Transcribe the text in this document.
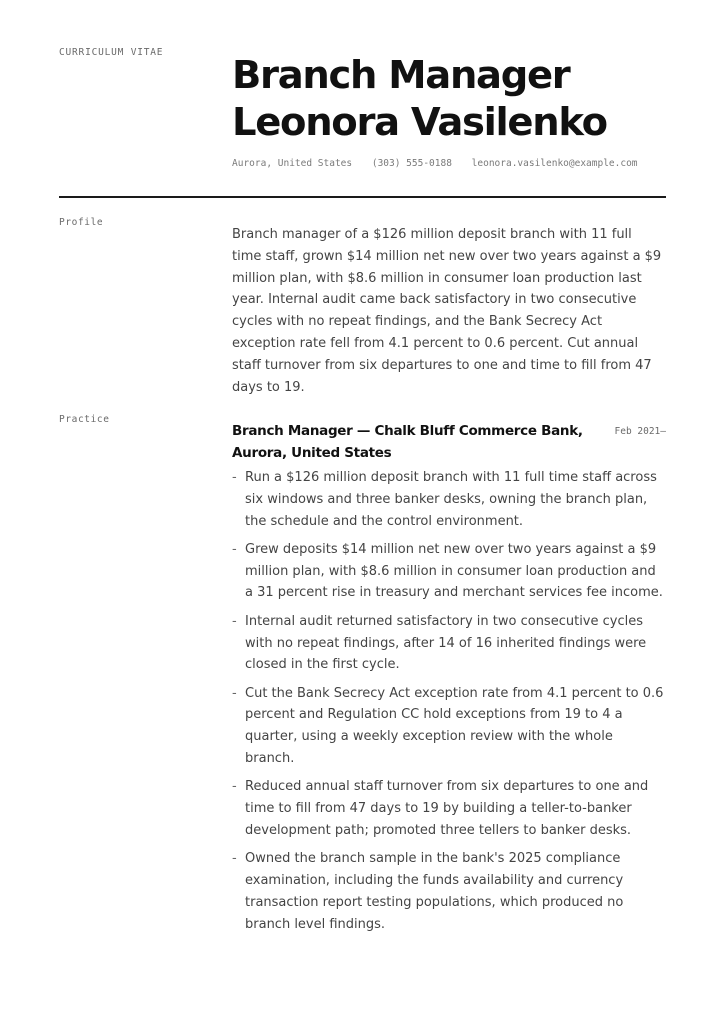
CURRICULUM VITAE
Branch Manager
Leonora Vasilenko
Aurora, United States (303) 555-0188 leonora.vasilenko@example.com
Profile

Branch manager of a $126 million deposit branch with 11 full time staff, grown $14 million net new over two years against a $9 million plan, with $8.6 million in consumer loan production last year. Internal audit came back satisfactory in two consecutive cycles with no repeat findings, and the Bank Secrecy Act exception rate fell from 4.1 percent to 0.6 percent. Cut annual staff turnover from six departures to one and time to fill from 47 days to 19.

Practice
Branch Manager — Chalk Bluff Commerce Bank, Aurora, United States
Feb 2021–
- Run a $126 million deposit branch with 11 full time staff across six windows and three banker desks, owning the branch plan, the schedule and the control environment.
- Grew deposits $14 million net new over two years against a $9 million plan, with $8.6 million in consumer loan production and a 31 percent rise in treasury and merchant services fee income.
- Internal audit returned satisfactory in two consecutive cycles with no repeat findings, after 14 of 16 inherited findings were closed in the first cycle.
- Cut the Bank Secrecy Act exception rate from 4.1 percent to 0.6 percent and Regulation CC hold exceptions from 19 to 4 a quarter, using a weekly exception review with the whole branch.
- Reduced annual staff turnover from six departures to one and time to fill from 47 days to 19 by building a teller-to-banker development path; promoted three tellers to banker desks.
- Owned the branch sample in the bank's 2025 compliance examination, including the funds availability and currency transaction report testing populations, which produced no branch level findings.
